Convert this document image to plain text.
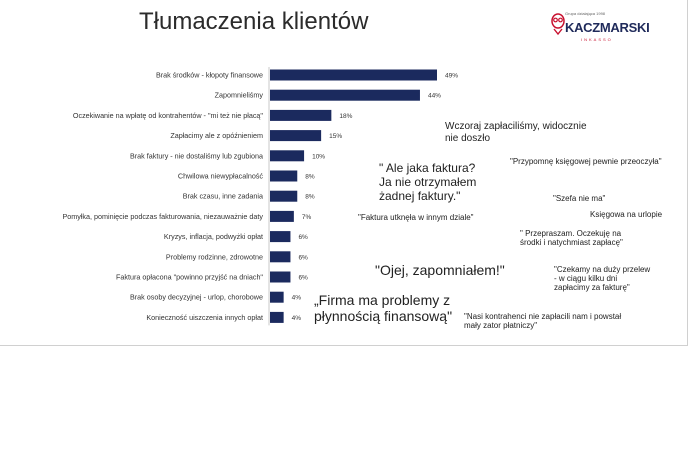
Tłumaczenia klientów	Grupa działająca 1998
KACZMARSKI
INKASSO
Brak środków - kłopoty finansowe	49%
Zapomnieliśmy	44%
Oczekiwanie na wpłatę od kontrahentów - "mi też nie płacą"	18%
Zapłacimy ale z opóźnieniem	15%
Brak faktury - nie dostaliśmy lub zgubiona	10%
Chwilowa niewypłacalność	8%
Brak czasu, inne zadania	8%
Pomyłka, pominięcie podczas fakturowania, niezauważnie daty	7%
Kryzys, inflacja, podwyżki opłat	6%
Problemy rodzinne, zdrowotne	6%
Faktura opłacona "powinno przyjść na dniach"	6%
Brak osoby decyzyjnej - urlop, chorobowe	4%
Konieczność uiszczenia innych opłat	4%
Wczoraj zapłaciliśmy, widocznie nie doszło
" Ale jaka faktura? Ja nie otrzymałem żadnej faktury."
"Przypomnę księgowej pewnie przeoczyła"
"Szefa nie ma"
Księgowa na urlopie
"Faktura utknęła w innym dziale"
" Przepraszam. Oczekuję na środki i natychmiast zapłacę"
"Ojej, zapomniałem!"	"Czekamy na duży przelew - w ciągu kilku dni zapłacimy za fakturę"
„Firma ma problemy z płynnością finansową"	"Nasi kontrahenci nie zapłacili nam i powstał mały zator płatniczy"
